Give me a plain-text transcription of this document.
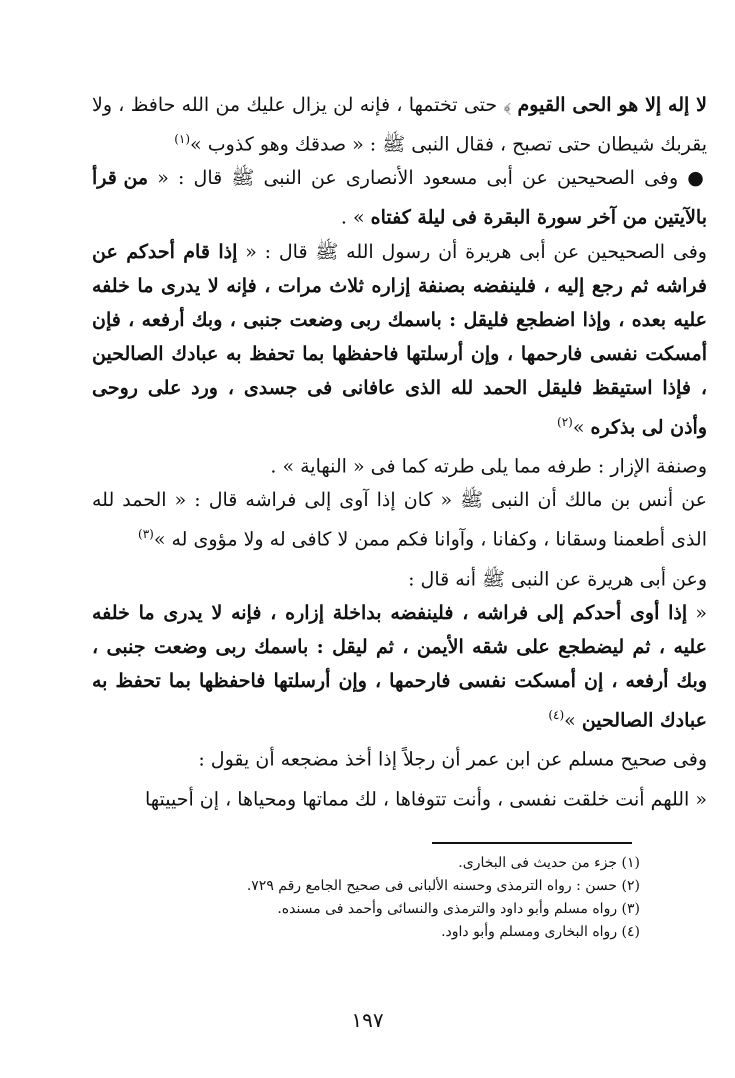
لا إله إلا هو الحى القيوم ﴾ حتى تختمها ، فإنه لن يزال عليك من الله حافظ ، ولا يقربك شيطان حتى تصبح ، فقال النبى ﷺ : « صدقك وهو كذوب »$^{(١)}$

● وفى الصحيحين عن أبى مسعود الأنصارى عن النبى ﷺ قال : « من قرأ بالآيتين من آخر سورة البقرة فى ليلة كفتاه » .

وفى الصحيحين عن أبى هريرة أن رسول الله ﷺ قال : « إذا قام أحدكم عن فراشه ثم رجع إليه ، فلينفضه بصنفة إزاره ثلاث مرات ، فإنه لا يدرى ما خلفه عليه بعده ، وإذا اضطجع فليقل : باسمك ربى وضعت جنبى ، وبك أرفعه ، فإن أمسكت نفسى فارحمها ، وإن أرسلتها فاحفظها بما تحفظ به عبادك الصالحين ، فإذا استيقظ فليقل الحمد لله الذى عافانى فى جسدى ، ورد على روحى وأذن لى بذكره »$^{(٢)}$

وصنفة الإزار : طرفه مما يلى طرته كما فى « النهاية » .

عن أنس بن مالك أن النبى ﷺ « كان إذا آوى إلى فراشه قال : « الحمد لله الذى أطعمنا وسقانا ، وكفانا ، وآوانا فكم ممن لا كافى له ولا مؤوى له »$^{(٣)}$

وعن أبى هريرة عن النبى ﷺ أنه قال :

« إذا أوى أحدكم إلى فراشه ، فلينفضه بداخلة إزاره ، فإنه لا يدرى ما خلفه عليه ، ثم ليضطجع على شقه الأيمن ، ثم ليقل : باسمك ربى وضعت جنبى ، وبك أرفعه ، إن أمسكت نفسى فارحمها ، وإن أرسلتها فاحفظها بما تحفظ به عبادك الصالحين »$^{(٤)}$

وفى صحيح مسلم عن ابن عمر أن رجلاً إذا أخذ مضجعه أن يقول :

« اللهم أنت خلقت نفسى ، وأنت تتوفاها ، لك مماتها ومحياها ، إن أحييتها

(١) جزء من حديث فى البخارى.

(٢) حسن : رواه الترمذى وحسنه الألبانى فى صحيح الجامع رقم ٧٢٩.

(٣) رواه مسلم وأبو داود والترمذى والنسائى وأحمد فى مسنده.

(٤) رواه البخارى ومسلم وأبو داود.

١٩٧
